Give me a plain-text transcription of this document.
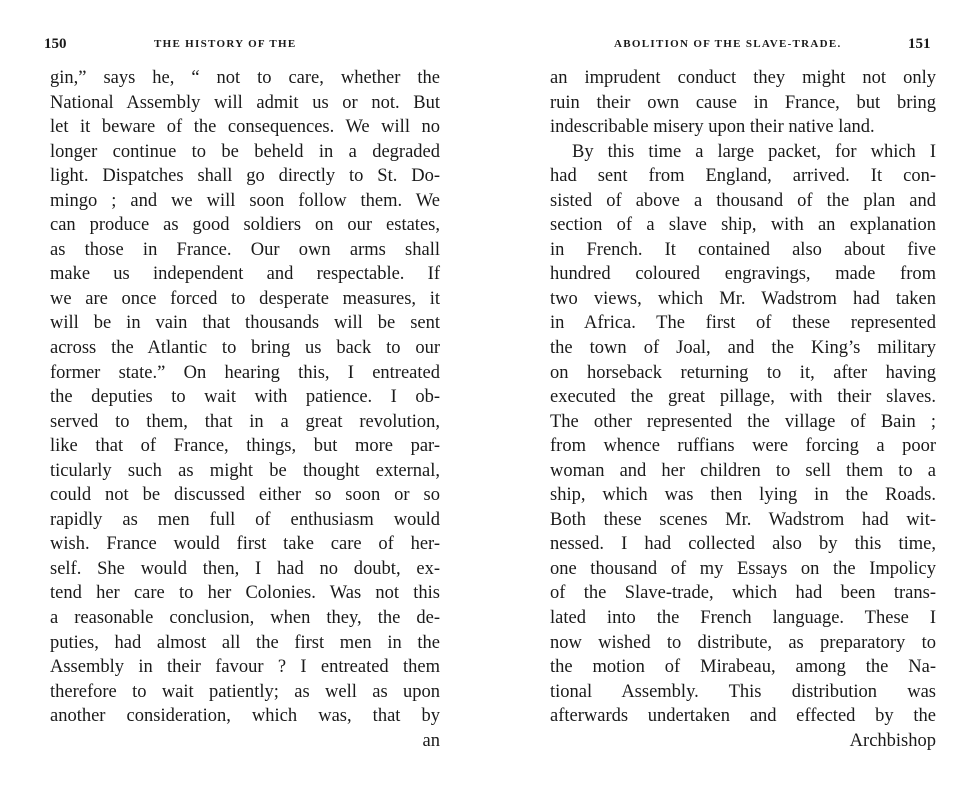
150	THE HISTORY OF THE
gin,” says he, “ not to care, whether the
National Assembly will admit us or not. But
let it beware of the consequences. We will no
longer continue to be beheld in a degraded
light. Dispatches shall go directly to St. Do-
mingo ; and we will soon follow them. We
can produce as good soldiers on our estates,
as those in France. Our own arms shall
make us independent and respectable. If
we are once forced to desperate measures, it
will be in vain that thousands will be sent
across the Atlantic to bring us back to our
former state.” On hearing this, I entreated
the deputies to wait with patience. I ob-
served to them, that in a great revolution,
like that of France, things, but more par-
ticularly such as might be thought external,
could not be discussed either so soon or so
rapidly as men full of enthusiasm would
wish. France would first take care of her-
self. She would then, I had no doubt, ex-
tend her care to her Colonies. Was not this
a reasonable conclusion, when they, the de-
puties, had almost all the first men in the
Assembly in their favour ? I entreated them
therefore to wait patiently; as well as upon
another consideration, which was, that by
an
ABOLITION OF THE SLAVE-TRADE.	151
an imprudent conduct they might not only
ruin their own cause in France, but bring
indescribable misery upon their native land.
By this time a large packet, for which I
had sent from England, arrived. It con-
sisted of above a thousand of the plan and
section of a slave ship, with an explanation
in French. It contained also about five
hundred coloured engravings, made from
two views, which Mr. Wadstrom had taken
in Africa. The first of these represented
the town of Joal, and the King’s military
on horseback returning to it, after having
executed the great pillage, with their slaves.
The other represented the village of Bain ;
from whence ruffians were forcing a poor
woman and her children to sell them to a
ship, which was then lying in the Roads.
Both these scenes Mr. Wadstrom had wit-
nessed. I had collected also by this time,
one thousand of my Essays on the Impolicy
of the Slave-trade, which had been trans-
lated into the French language. These I
now wished to distribute, as preparatory to
the motion of Mirabeau, among the Na-
tional Assembly. This distribution was
afterwards undertaken and effected by the
Archbishop
